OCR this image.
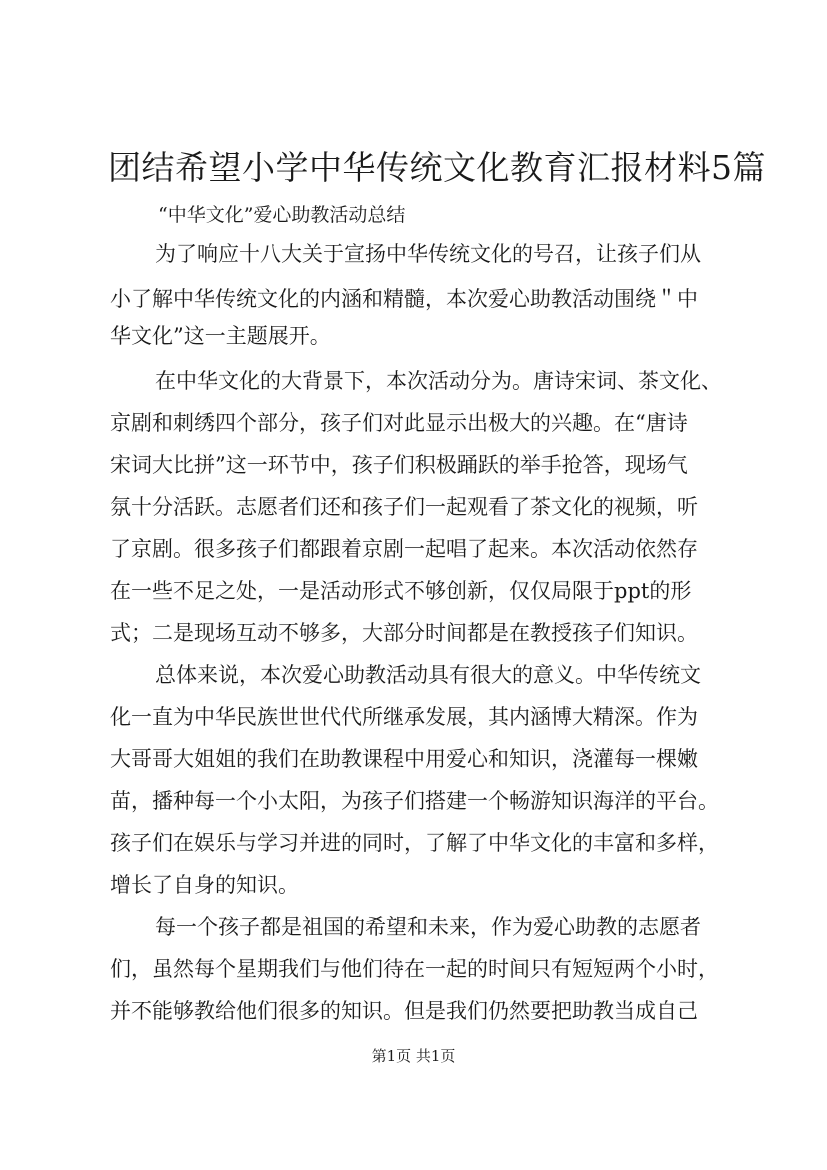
团结希望小学中华传统文化教育汇报材料5篇
“中华文化”爱心助教活动总结
为了响应十八大关于宣扬中华传统文化的号召，让孩子们从
小了解中华传统文化的内涵和精髓，本次爱心助教活动围绕＂中
华文化”这一主题展开。
在中华文化的大背景下，本次活动分为。唐诗宋词、茶文化、
京剧和刺绣四个部分，孩子们对此显示出极大的兴趣。在“唐诗
宋词大比拼”这一环节中，孩子们积极踊跃的举手抢答，现场气
氛十分活跃。志愿者们还和孩子们一起观看了茶文化的视频，听
了京剧。很多孩子们都跟着京剧一起唱了起来。本次活动依然存
在一些不足之处，一是活动形式不够创新，仅仅局限于ppt的形
式；二是现场互动不够多，大部分时间都是在教授孩子们知识。
总体来说，本次爱心助教活动具有很大的意义。中华传统文
化一直为中华民族世世代代所继承发展，其内涵博大精深。作为
大哥哥大姐姐的我们在助教课程中用爱心和知识，浇灌每一棵嫩
苗，播种每一个小太阳，为孩子们搭建一个畅游知识海洋的平台。
孩子们在娱乐与学习并进的同时，了解了中华文化的丰富和多样，
增长了自身的知识。
每一个孩子都是祖国的希望和未来，作为爱心助教的志愿者
们，虽然每个星期我们与他们待在一起的时间只有短短两个小时，
并不能够教给他们很多的知识。但是我们仍然要把助教当成自己
第1页 共1页
